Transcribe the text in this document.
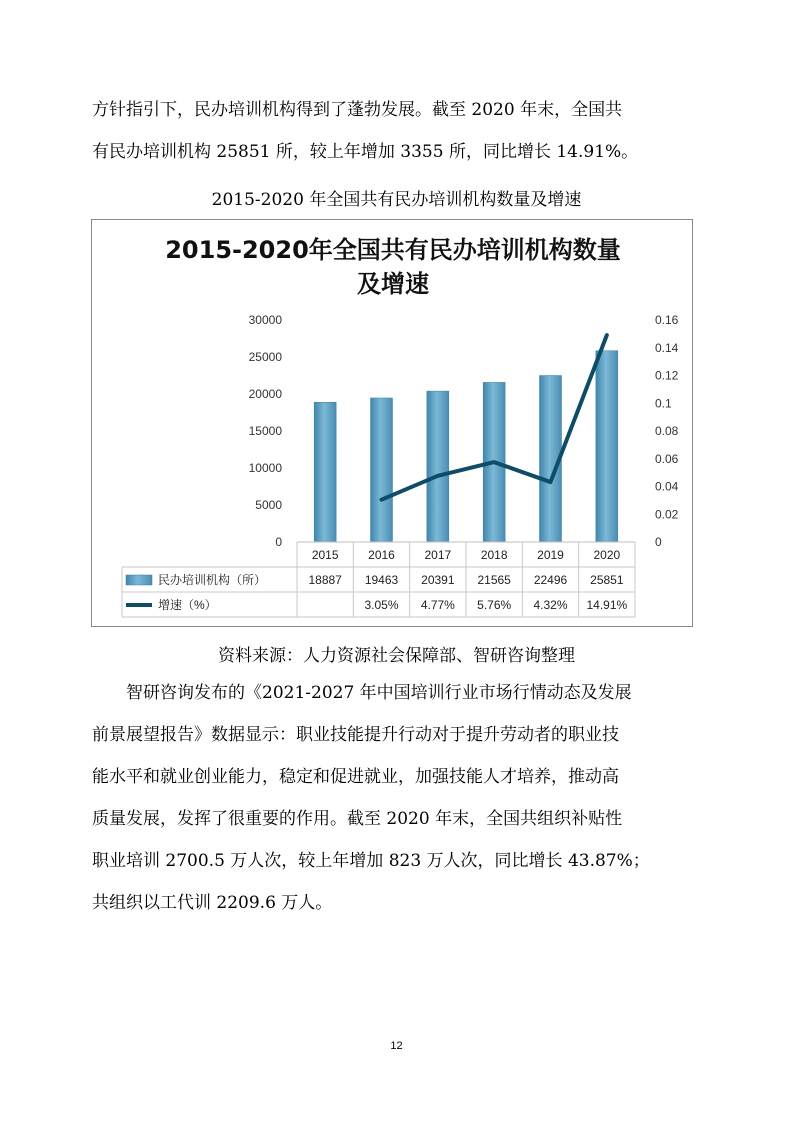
方针指引下，民办培训机构得到了蓬勃发展。截至 2020 年末，全国共

有民办培训机构 25851 所，较上年增加 3355 所，同比增长 14.91%。

2015-2020 年全国共有民办培训机构数量及增速

2015-2020年全国共有民办培训机构数量
及增速
0
5000
10000
15000
20000
25000
30000
0
0.02
0.04
0.06
0.08
0.1
0.12
0.14
0.16
2015 2016 2017 2018 2019 2020
民办培训机构（所）	18887 19463 20391 21565 22496 25851
增速（%）	3.05% 4.77% 5.76% 4.32% 14.91%

资料来源：人力资源社会保障部、智研咨询整理

智研咨询发布的《2021-2027 年中国培训行业市场行情动态及发展

前景展望报告》数据显示：职业技能提升行动对于提升劳动者的职业技

能水平和就业创业能力，稳定和促进就业，加强技能人才培养，推动高

质量发展，发挥了很重要的作用。截至 2020 年末，全国共组织补贴性

职业培训 2700.5 万人次，较上年增加 823 万人次，同比增长 43.87%；

共组织以工代训 2209.6 万人。

12
